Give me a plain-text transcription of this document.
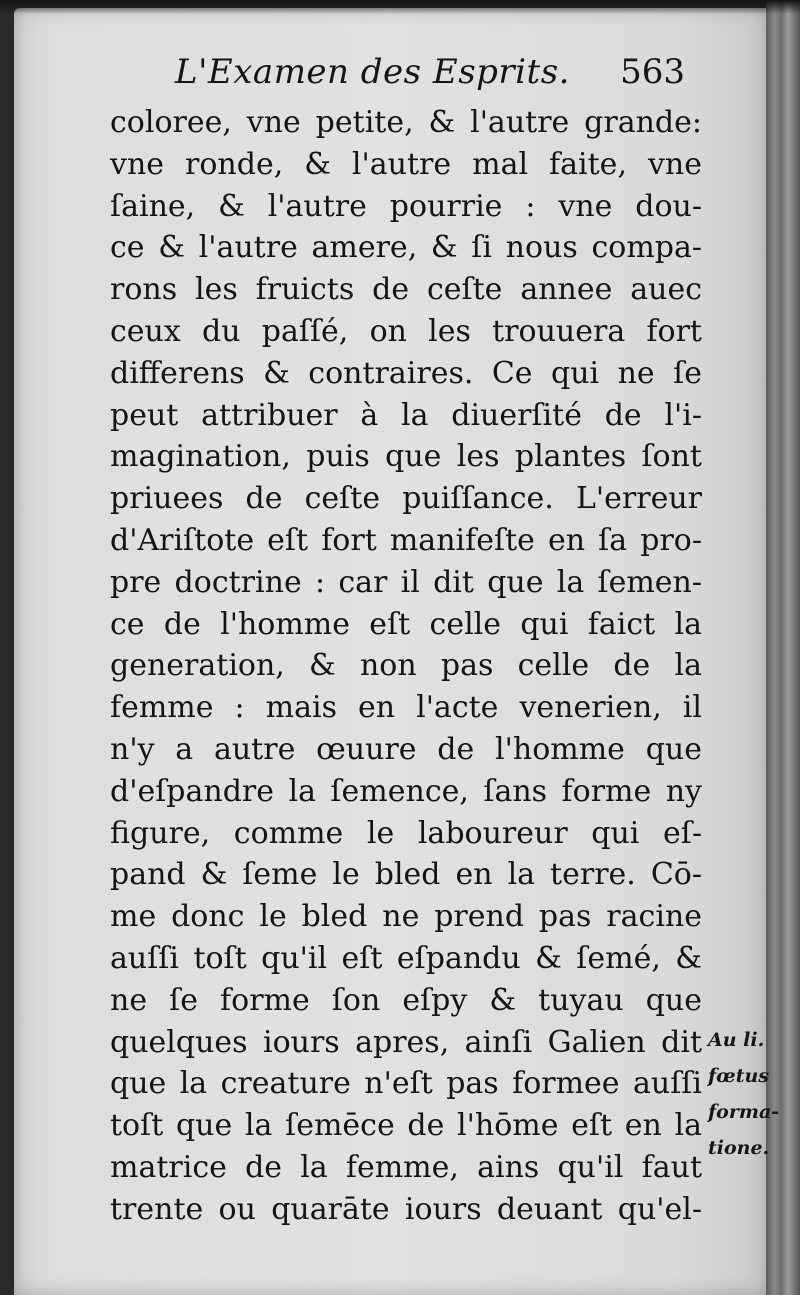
L'Examen des Esprits. 563
coloree, vne petite, & l'autre grande:
vne ronde, & l'autre mal faite, vne
ſaine, & l'autre pourrie : vne dou-
ce & l'autre amere, & ſi nous compa-
rons les fruicts de ceſte annee auec
ceux du paſſé, on les trouuera fort
differens & contraires. Ce qui ne ſe
peut attribuer à la diuerſité de l'i-
magination, puis que les plantes ſont
priuees de ceſte puiſſance. L'erreur
d'Ariſtote eſt fort manifeſte en ſa pro-
pre doctrine : car il dit que la ſemen-
ce de l'homme eſt celle qui faict la
generation, & non pas celle de la
femme : mais en l'acte venerien, il
n'y a autre œuure de l'homme que
d'eſpandre la ſemence, ſans forme ny
figure, comme le laboureur qui eſ-
pand & ſeme le bled en la terre. Cō-
me donc le bled ne prend pas racine
auſſi toſt qu'il eſt eſpandu & ſemé, &
ne ſe forme ſon eſpy & tuyau que
quelques iours apres, ainſi Galien dit
que la creature n'eſt pas formee auſſi
toſt que la ſemēce de l'hōme eſt en la
matrice de la femme, ains qu'il faut
trente ou quarāte iours deuant qu'el-
Au li.
fœtus
forma-
tione.
